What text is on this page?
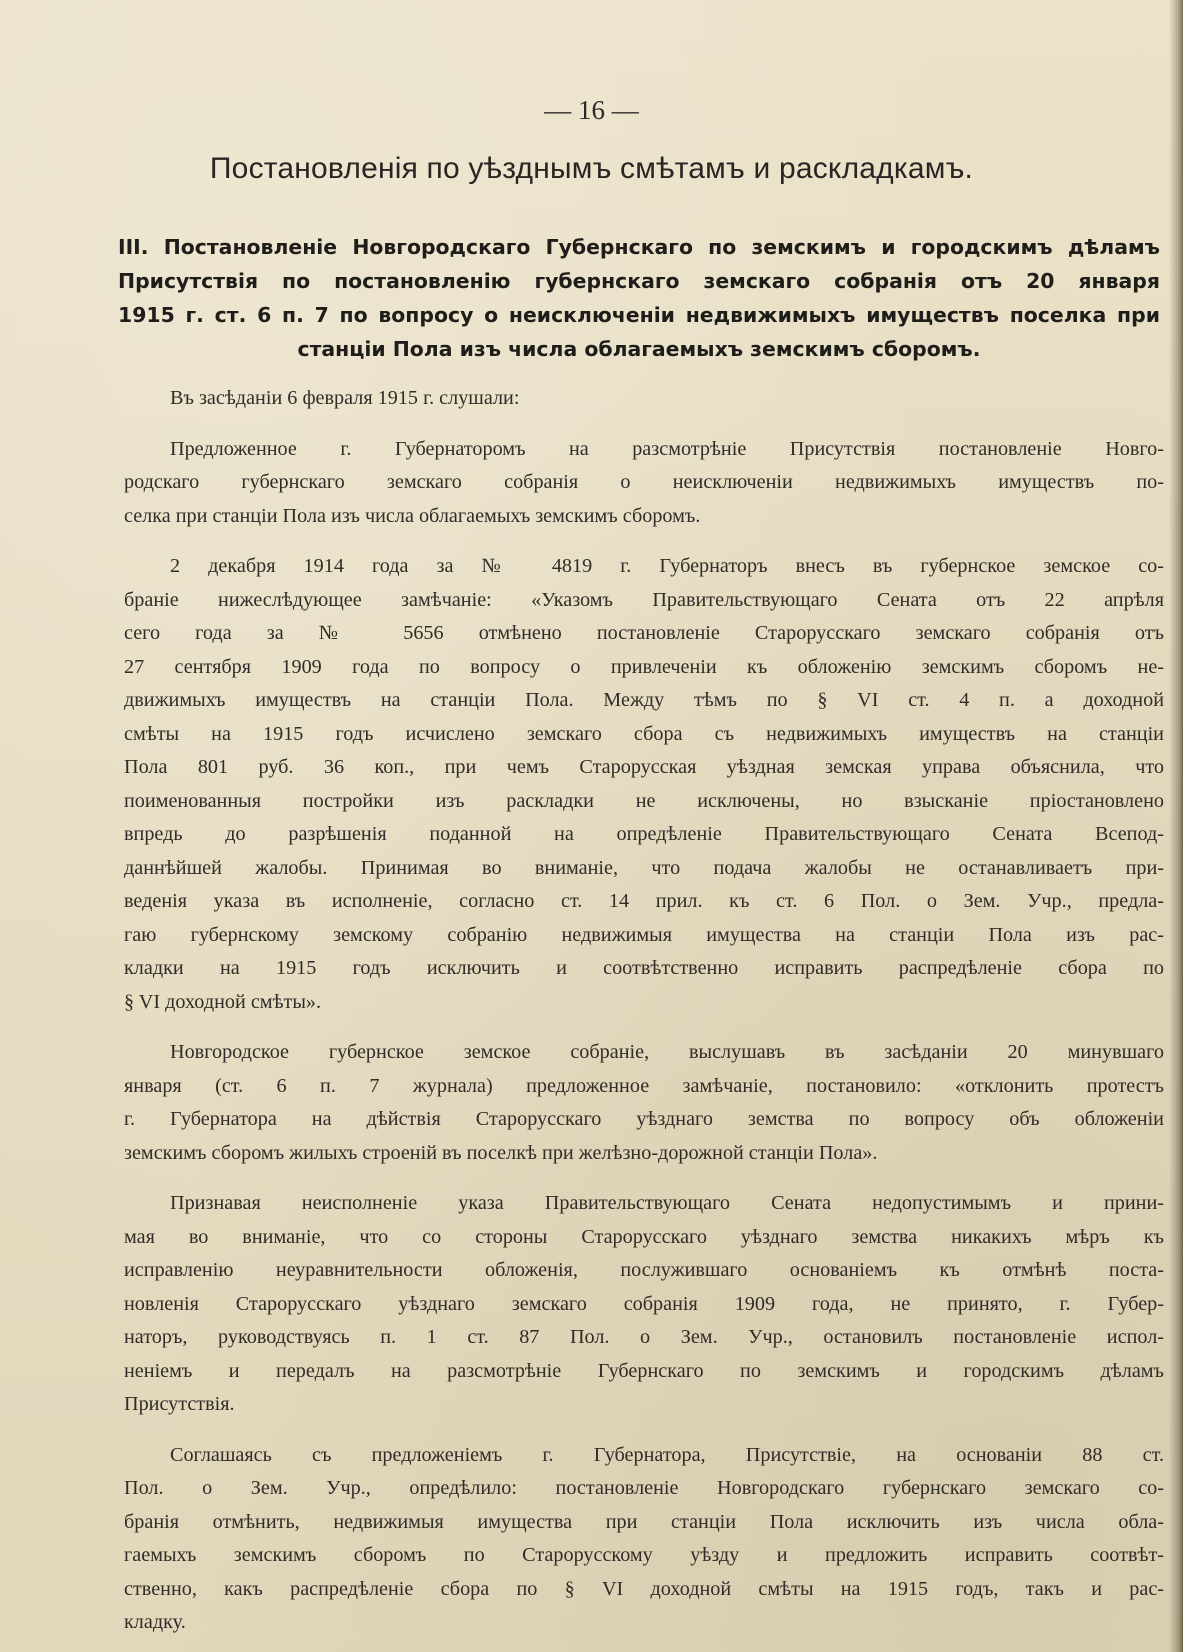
— 16 —
Постановленія по уѣзднымъ смѣтамъ и раскладкамъ.
III. Постановленіе Новгородскаго Губернскаго по земскимъ и городскимъ дѣламъ
Присутствія по постановленію губернскаго земскаго собранія отъ 20 января
1915 г. ст. 6 п. 7 по вопросу о неисключеніи недвижимыхъ имуществъ поселка при
станціи Пола изъ числа облагаемыхъ земскимъ сборомъ.
Въ засѣданіи 6 февраля 1915 г. слушали:
Предложенное г. Губернаторомъ на разсмотрѣніе Присутствія постановленіе Новго-
родскаго губернскаго земскаго собранія о неисключеніи недвижимыхъ имуществъ по-
селка при станціи Пола изъ числа облагаемыхъ земскимъ сборомъ.
2 декабря 1914 года за № 4819 г. Губернаторъ внесъ въ губернское земское со-
браніе нижеслѣдующее замѣчаніе: «Указомъ Правительствующаго Сената отъ 22 апрѣля
сего года за № 5656 отмѣнено постановленіе Старорусскаго земскаго собранія отъ
27 сентября 1909 года по вопросу о привлеченіи къ обложенію земскимъ сборомъ не-
движимыхъ имуществъ на станціи Пола. Между тѣмъ по § VI ст. 4 п. а доходной
смѣты на 1915 годъ исчислено земскаго сбора съ недвижимыхъ имуществъ на станціи
Пола 801 руб. 36 коп., при чемъ Старорусская уѣздная земская управа объяснила, что
поименованныя постройки изъ раскладки не исключены, но взысканіе пріостановлено
впредь до разрѣшенія поданной на опредѣленіе Правительствующаго Сената Всепод-
даннѣйшей жалобы. Принимая во вниманіе, что подача жалобы не останавливаетъ при-
веденія указа въ исполненіе, согласно ст. 14 прил. къ ст. 6 Пол. о Зем. Учр., предла-
гаю губернскому земскому собранію недвижимыя имущества на станціи Пола изъ рас-
кладки на 1915 годъ исключить и соотвѣтственно исправить распредѣленіе сбора по
§ VI доходной смѣты».
Новгородское губернское земское собраніе, выслушавъ въ засѣданіи 20 минувшаго
января (ст. 6 п. 7 журнала) предложенное замѣчаніе, постановило: «отклонить протестъ
г. Губернатора на дѣйствія Старорусскаго уѣзднаго земства по вопросу объ обложеніи
земскимъ сборомъ жилыхъ строеній въ поселкѣ при желѣзно-дорожной станціи Пола».
Признавая неисполненіе указа Правительствующаго Сената недопустимымъ и прини-
мая во вниманіе, что со стороны Старорусскаго уѣзднаго земства никакихъ мѣръ къ
исправленію неуравнительности обложенія, послужившаго основаніемъ къ отмѣнѣ поста-
новленія Старорусскаго уѣзднаго земскаго собранія 1909 года, не принято, г. Губер-
наторъ, руководствуясь п. 1 ст. 87 Пол. о Зем. Учр., остановилъ постановленіе испол-
неніемъ и передалъ на разсмотрѣніе Губернскаго по земскимъ и городскимъ дѣламъ
Присутствія.
Соглашаясь съ предложеніемъ г. Губернатора, Присутствіе, на основаніи 88 ст.
Пол. о Зем. Учр., опредѣлило: постановленіе Новгородскаго губернскаго земскаго со-
бранія отмѣнить, недвижимыя имущества при станціи Пола исключить изъ числа обла-
гаемыхъ земскимъ сборомъ по Старорусскому уѣзду и предложить исправить соотвѣт-
ственно, какъ распредѣленіе сбора по § VI доходной смѣты на 1915 годъ, такъ и рас-
кладку.
